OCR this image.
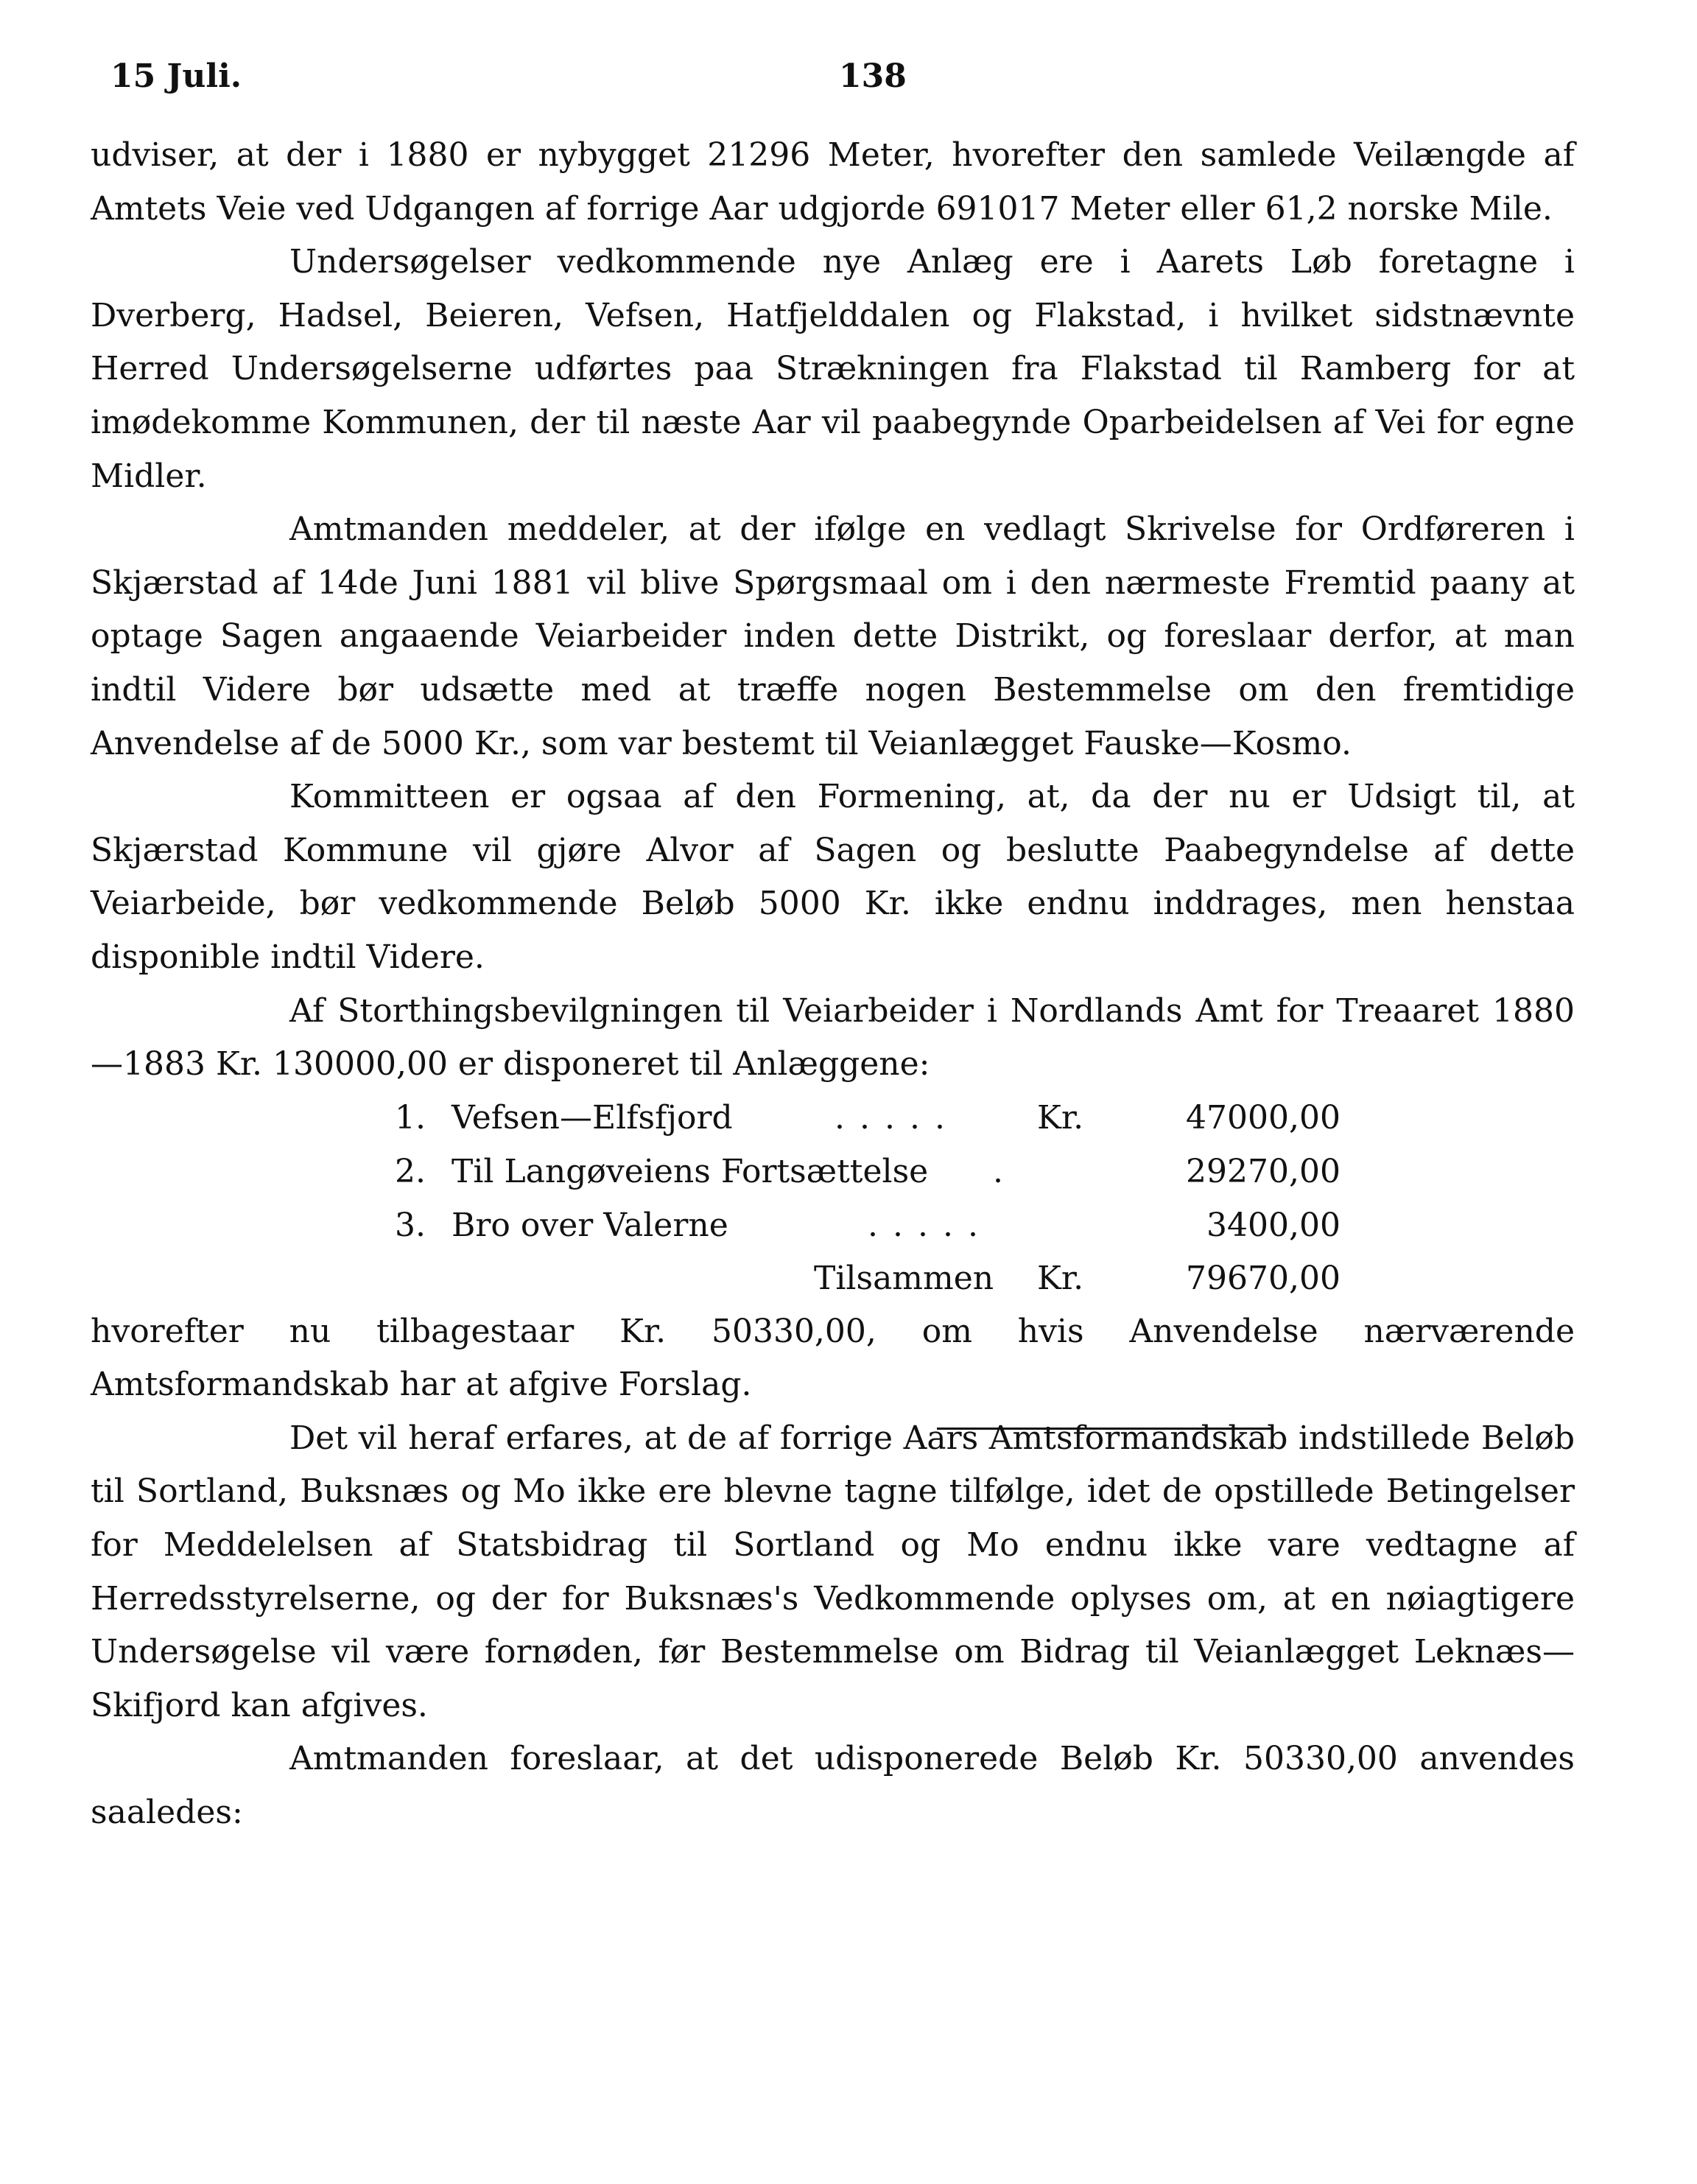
15 Juli.	138

udviser, at der i 1880 er nybygget 21296 Meter, hvorefter den samlede Veilængde af Amtets Veie ved Udgangen af forrige Aar udgjorde 691017 Meter eller 61,2 norske Mile.

Undersøgelser vedkommende nye Anlæg ere i Aarets Løb foretagne i Dverberg, Hadsel, Beieren, Vefsen, Hatfjelddalen og Flakstad, i hvilket sidstnævnte Herred Undersøgelserne udførtes paa Strækningen fra Flakstad til Ramberg for at imødekomme Kommunen, der til næste Aar vil paabegynde Oparbeidelsen af Vei for egne Midler.

Amtmanden meddeler, at der ifølge en vedlagt Skrivelse for Ordføreren i Skjærstad af 14de Juni 1881 vil blive Spørgsmaal om i den nærmeste Fremtid paany at optage Sagen angaaende Veiarbeider inden dette Distrikt, og foreslaar derfor, at man indtil Videre bør udsætte med at træffe nogen Bestemmelse om den fremtidige Anvendelse af de 5000 Kr., som var bestemt til Veianlægget Fauske—Kosmo.

Kommitteen er ogsaa af den Formening, at, da der nu er Udsigt til, at Skjærstad Kommune vil gjøre Alvor af Sagen og beslutte Paabegyndelse af dette Veiarbeide, bør vedkommende Beløb 5000 Kr. ikke endnu inddrages, men henstaa disponible indtil Videre.

Af Storthingsbevilgningen til Veiarbeider i Nordlands Amt for Treaaret 1880—1883 Kr. 130000,00 er disponeret til Anlæggene:

1. Vefsen—Elfsfjord	..... Kr.	47000,00
2. Til Langøveiens Fortsættelse .	29270,00
3. Bro over Valerne	.....	3400,00
Tilsammen Kr.	79670,00

hvorefter nu tilbagestaar Kr. 50330,00, om hvis Anvendelse nærværende Amtsformandskab har at afgive Forslag.

Det vil heraf erfares, at de af forrige Aars Amtsformandskab indstillede Beløb til Sortland, Buksnæs og Mo ikke ere blevne tagne tilfølge, idet de opstillede Betingelser for Meddelelsen af Statsbidrag til Sortland og Mo endnu ikke vare vedtagne af Herredsstyrelserne, og der for Buksnæs's Vedkommende oplyses om, at en nøiagtigere Undersøgelse vil være fornøden, før Bestemmelse om Bidrag til Veianlægget Leknæs—Skifjord kan afgives.

Amtmanden foreslaar, at det udisponerede Beløb Kr. 50330,00 anvendes saaledes:
